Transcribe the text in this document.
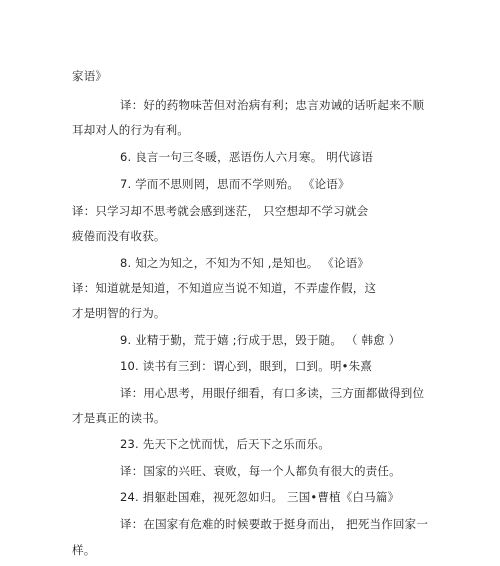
家语》
译：好的药物味苦但对治病有利；忠言劝诫的话听起来不顺
耳却对人的行为有利。
6. 良言一句三冬暖，恶语伤人六月寒。 明代谚语
7. 学而不思则罔，思而不学则殆。 《论语》
译：只学习却不思考就会感到迷茫， 只空想却不学习就会
疲倦而没有收获。
8. 知之为知之，不知为不知 ,是知也。 《论语》
译：知道就是知道，不知道应当说不知道，不弄虚作假，这
才是明智的行为。
9. 业精于勤，荒于嬉 ;行成于思，毁于随。 （ 韩愈 ）
10. 读书有三到：谓心到，眼到，口到。明•朱熹
译：用心思考，用眼仔细看，有口多读，三方面都做得到位
才是真正的读书。
23. 先天下之忧而忧，后天下之乐而乐。
译：国家的兴旺、衰败，每一个人都负有很大的责任。
24. 捐躯赴国难，视死忽如归。 三国•曹植《白马篇》
译：在国家有危难的时候要敢于挺身而出， 把死当作回家一
样。
